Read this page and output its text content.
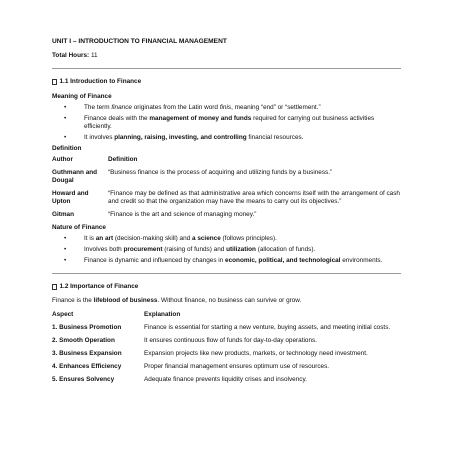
UNIT I – INTRODUCTION TO FINANCIAL MANAGEMENT
Total Hours: 11
1.1 Introduction to Finance
Meaning of Finance
•	The term finance originates from the Latin word finis, meaning “end” or “settlement.”
•	Finance deals with the management of money and funds required for carrying out business activities efficiently.
•	It involves planning, raising, investing, and controlling financial resources.
Definition
Author	Definition
Guthmann and Dougal	“Business finance is the process of acquiring and utilizing funds by a business.”
Howard and Upton	“Finance may be defined as that administrative area which concerns itself with the arrangement of cash and credit so that the organization may have the means to carry out its objectives.”
Gitman	“Finance is the art and science of managing money.”
Nature of Finance
•	It is an art (decision-making skill) and a science (follows principles).
•	Involves both procurement (raising of funds) and utilization (allocation of funds).
•	Finance is dynamic and influenced by changes in economic, political, and technological environments.
1.2 Importance of Finance
Finance is the lifeblood of business. Without finance, no business can survive or grow.
Aspect	Explanation
1. Business Promotion	Finance is essential for starting a new venture, buying assets, and meeting initial costs.
2. Smooth Operation	It ensures continuous flow of funds for day-to-day operations.
3. Business Expansion	Expansion projects like new products, markets, or technology need investment.
4. Enhances Efficiency	Proper financial management ensures optimum use of resources.
5. Ensures Solvency	Adequate finance prevents liquidity crises and insolvency.
